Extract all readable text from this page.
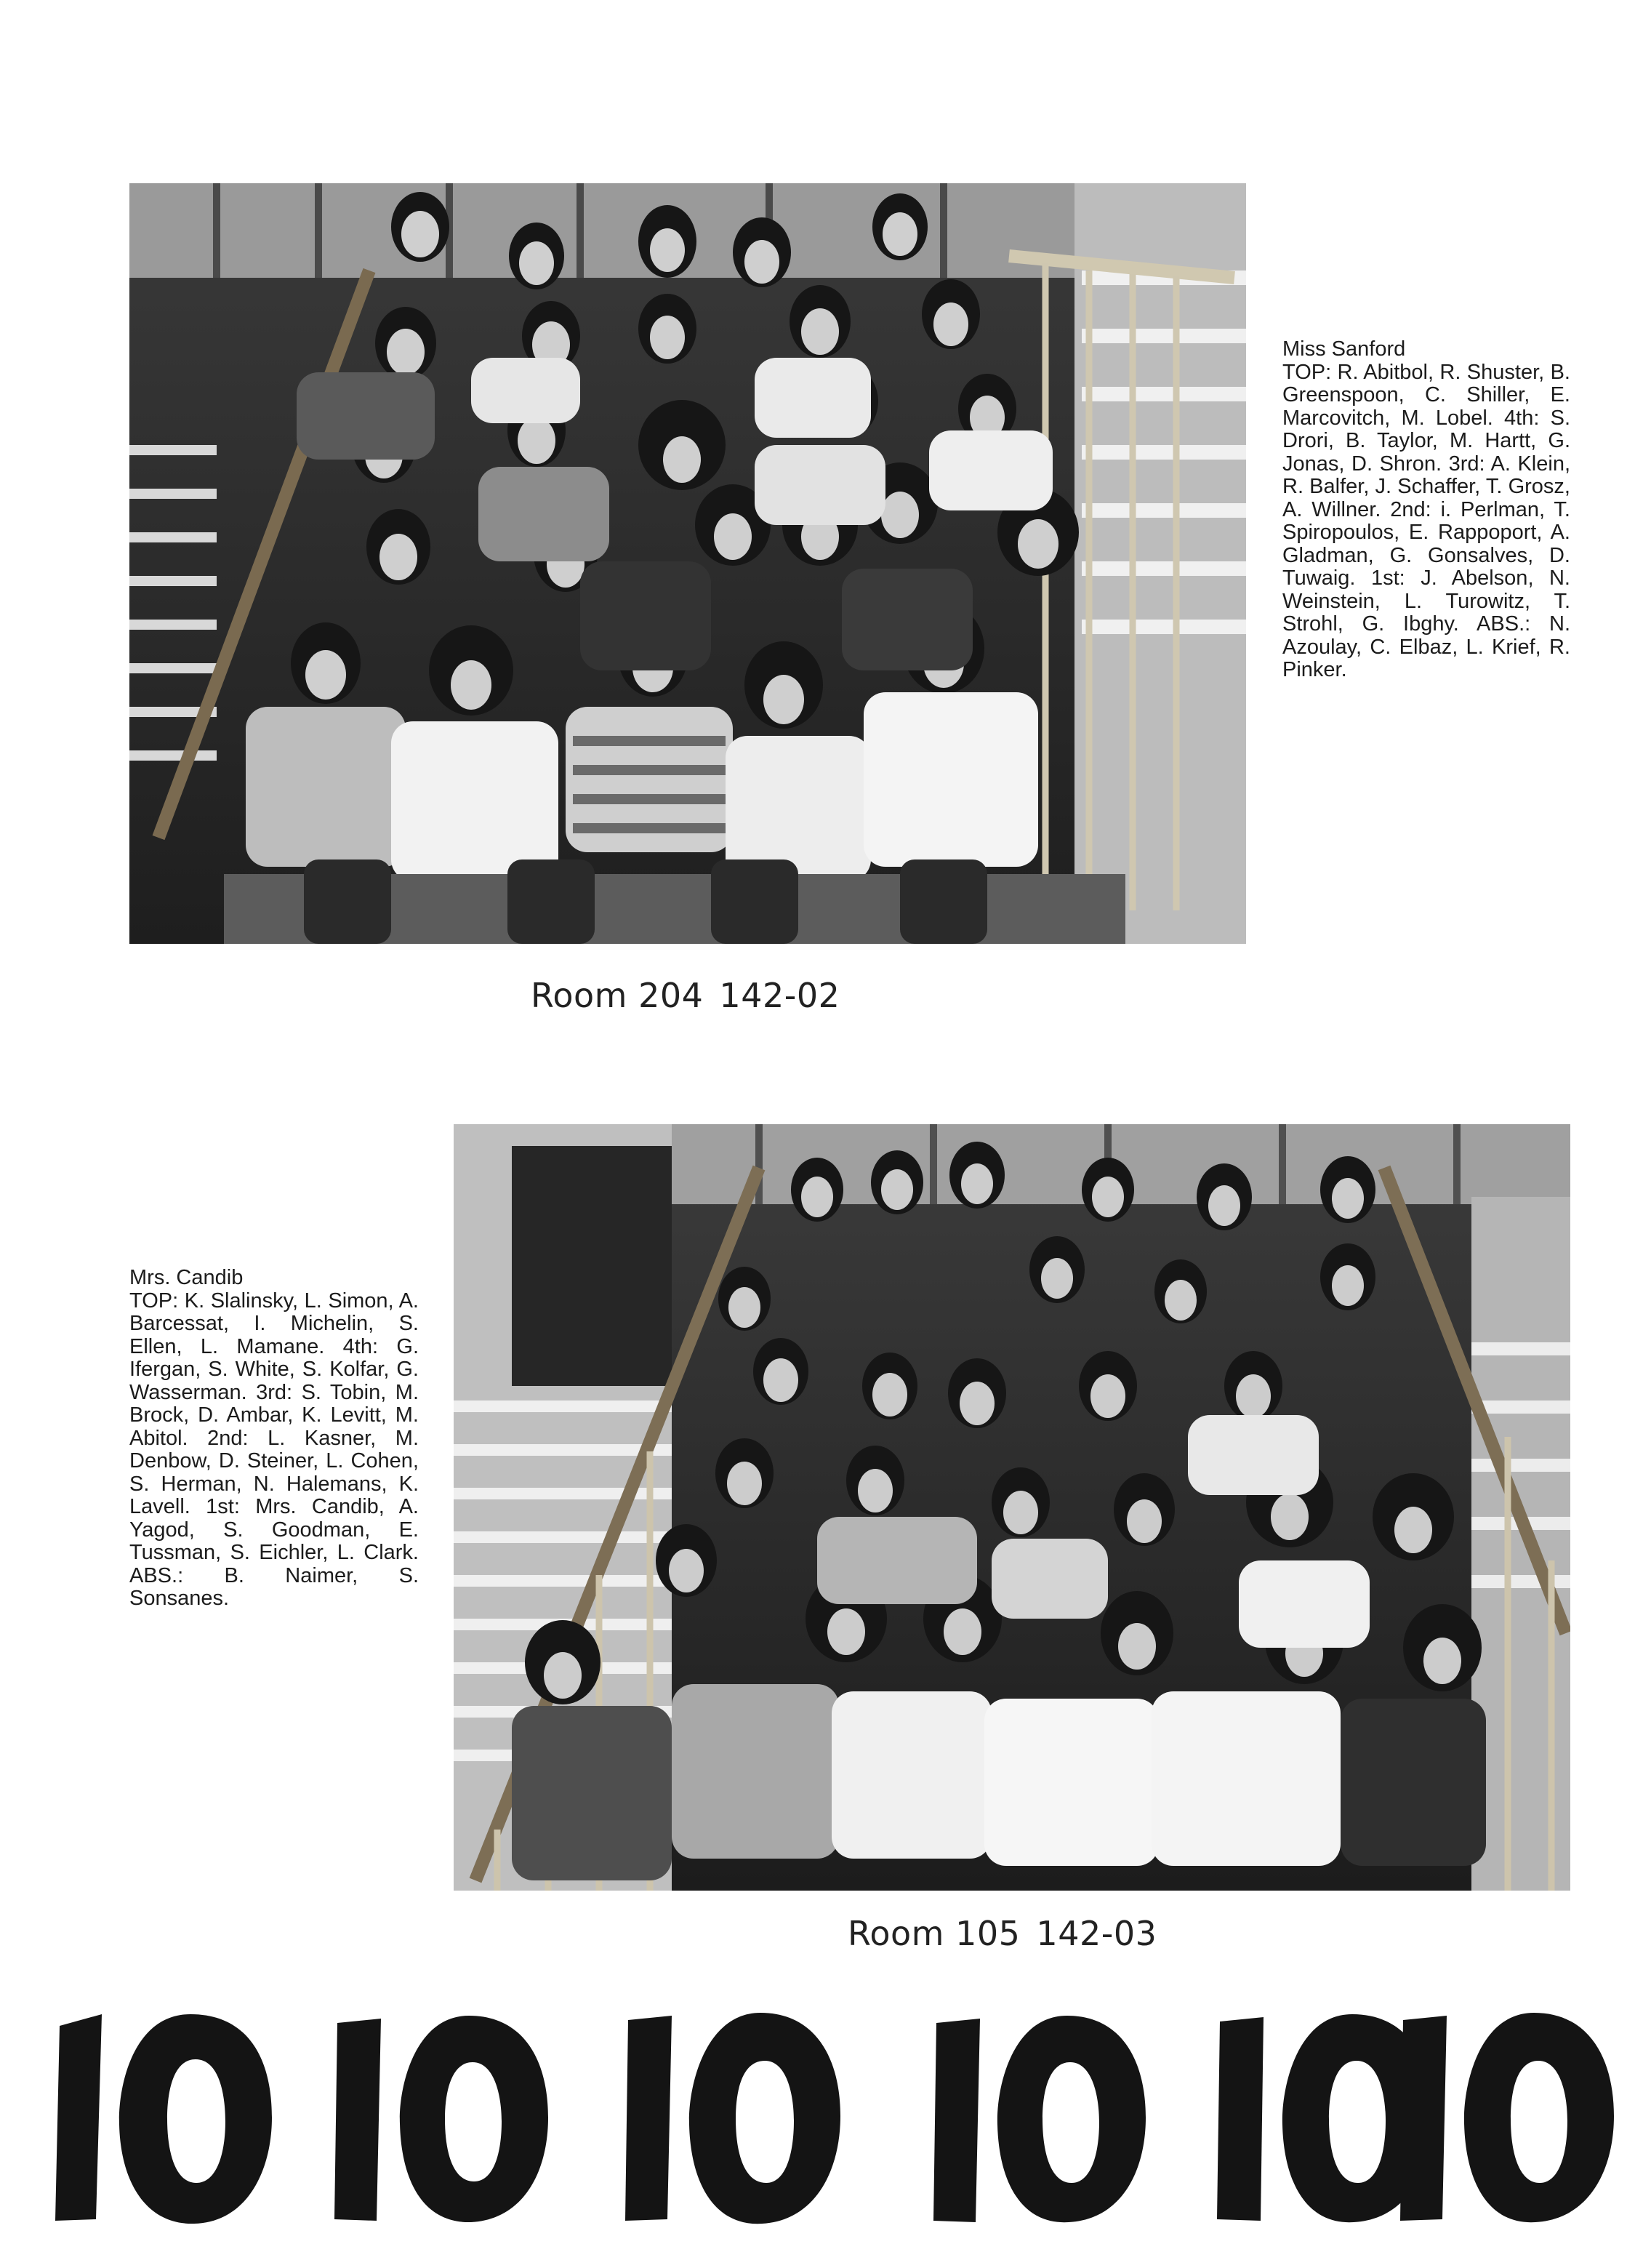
Miss Sanford
TOP: R. Abitbol, R. Shuster, B. Greenspoon, C. Shiller, E. Marcovitch, M. Lobel. 4th: S. Drori, B. Taylor, M. Hartt, G. Jonas, D. Shron. 3rd: A. Klein, R. Balfer, J. Schaffer, T. Grosz, A. Willner. 2nd: i. Perlman, T. Spiropoulos, E. Rappoport, A. Gladman, G. Gonsalves, D. Tuwaig. 1st: J. Abelson, N. Weinstein, L. Turowitz, T. Strohl, G. Ibghy. ABS.: N. Azoulay, C. Elbaz, L. Krief, R. Pinker.
Room 204 142-02
Mrs. Candib
TOP: K. Slalinsky, L. Simon, A. Barcessat, I. Michelin, S. Ellen, L. Mamane. 4th: G. Ifergan, S. White, S. Kolfar, G. Wasserman. 3rd: S. Tobin, M. Brock, D. Ambar, K. Levitt, M. Abitol. 2nd: L. Kasner, M. Denbow, D. Steiner, L. Cohen, S. Herman, N. Halemans, K. Lavell. 1st: Mrs. Candib, A. Yagod, S. Goodman, E. Tussman, S. Eichler, L. Clark. ABS.: B. Naimer, S. Sonsanes.
Room 105 142-03
